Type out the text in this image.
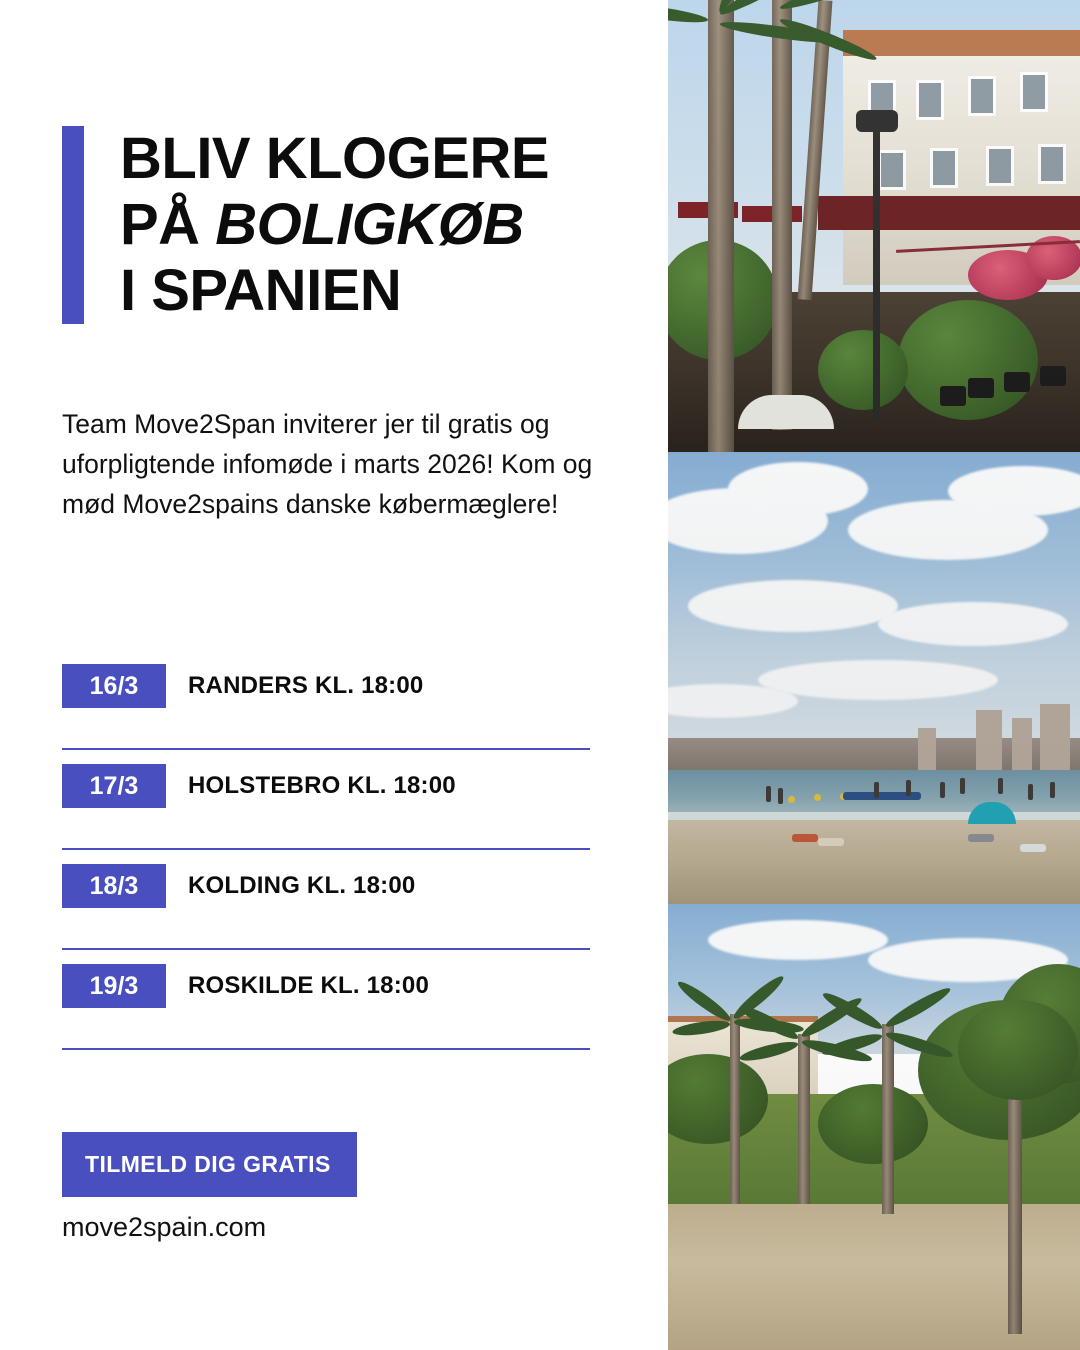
BLIV KLOGERE
PÅ BOLIGKØB
I SPANIEN

Team Move2Span inviterer jer til gratis og uforpligtende infomøde i marts 2026! Kom og mød Move2spains danske købermæglere!

16/3	RANDERS KL. 18:00
17/3	HOLSTEBRO KL. 18:00
18/3	KOLDING KL. 18:00
19/3	ROSKILDE KL. 18:00
TILMELD DIG GRATIS
move2spain.com
